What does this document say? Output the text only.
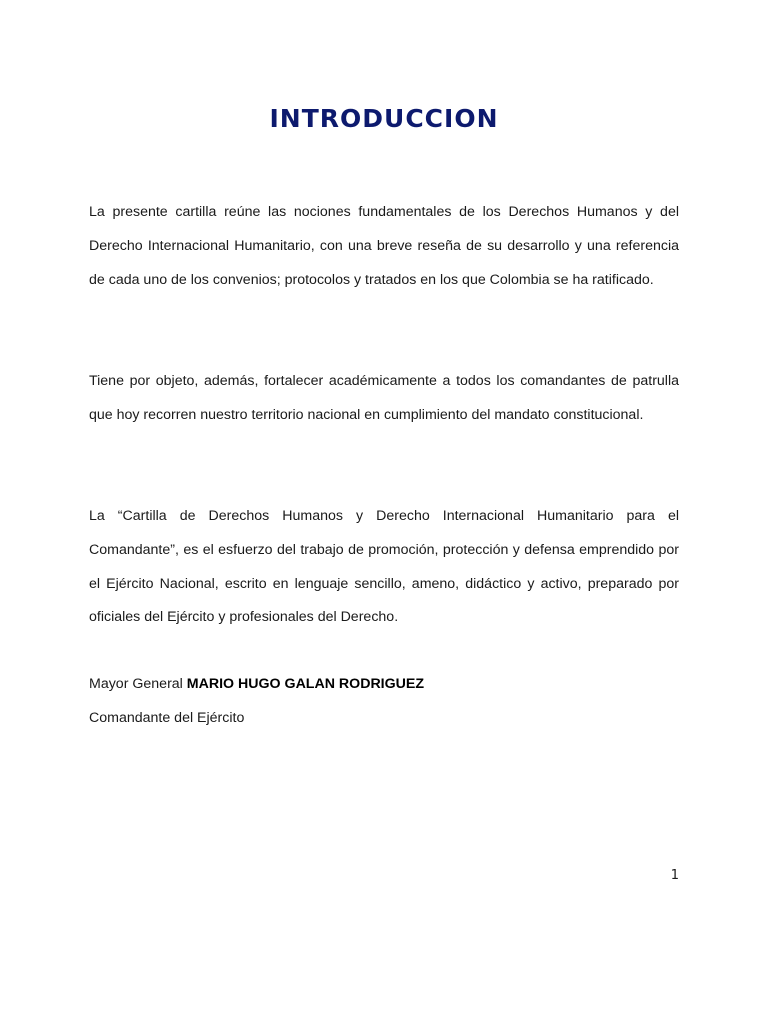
INTRODUCCION

La presente cartilla reúne las nociones fundamentales de los Derechos Humanos y del Derecho Internacional Humanitario, con una breve reseña de su desarrollo y una referencia de cada uno de los convenios; protocolos y tratados en los que Colombia se ha ratificado.

Tiene por objeto, además, fortalecer académicamente a todos los comandantes de patrulla que hoy recorren nuestro territorio nacional en cumplimiento del mandato constitucional.

La “Cartilla de Derechos Humanos y Derecho Internacional Humanitario para el Comandante”, es el esfuerzo del trabajo de promoción, protección y defensa emprendido por el Ejército Nacional, escrito en lenguaje sencillo, ameno, didáctico y activo, preparado por oficiales del Ejército y profesionales del Derecho.

Mayor General MARIO HUGO GALAN RODRIGUEZ
Comandante del Ejército
1
